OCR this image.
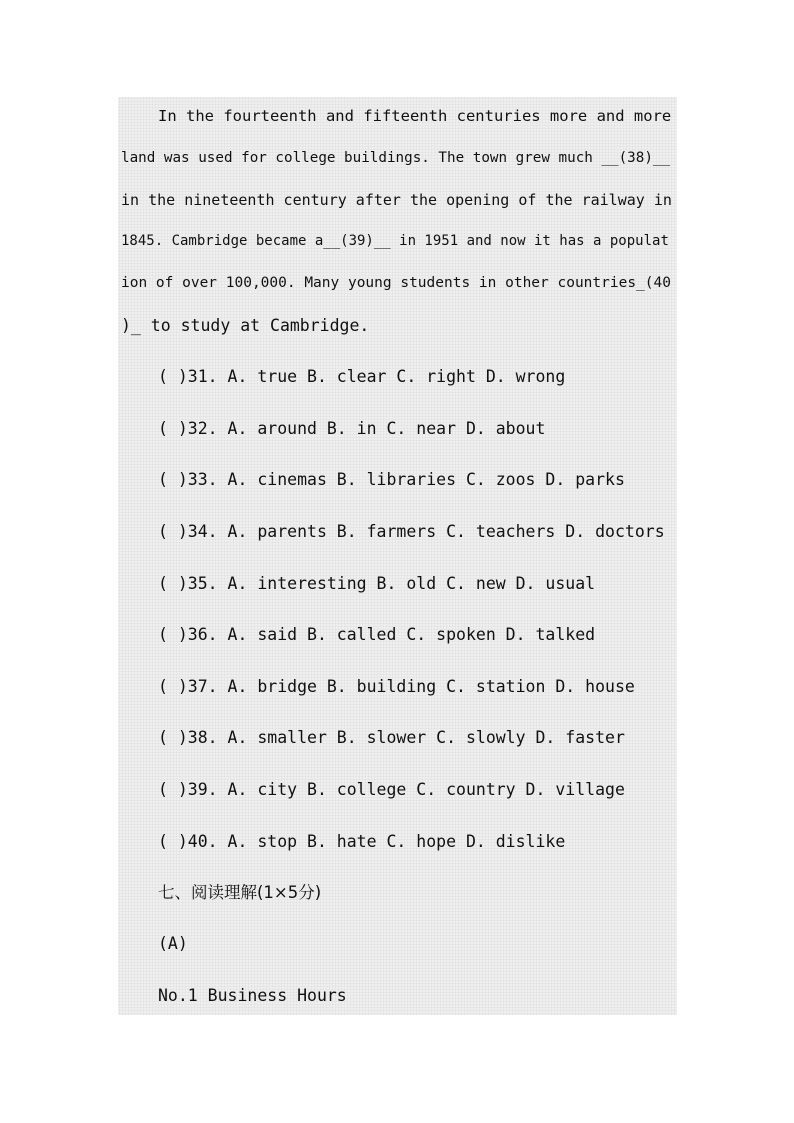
In the fourteenth and fifteenth centuries more and more
land was used for college buildings. The town grew much __(38)__
in the nineteenth century after the opening of the railway in
1845. Cambridge became a__(39)__ in 1951 and now it has a populat
ion of over 100,000. Many young students in other countries_(40
)_ to study at Cambridge.
( )31. A. true B. clear C. right D. wrong
( )32. A. around B. in C. near D. about
( )33. A. cinemas B. libraries C. zoos D. parks
( )34. A. parents B. farmers C. teachers D. doctors
( )35. A. interesting B. old C. new D. usual
( )36. A. said B. called C. spoken D. talked
( )37. A. bridge B. building C. station D. house
( )38. A. smaller B. slower C. slowly D. faster
( )39. A. city B. college C. country D. village
( )40. A. stop B. hate C. hope D. dislike
七、阅读理解(1×5分)
(A)
No.1 Business Hours
